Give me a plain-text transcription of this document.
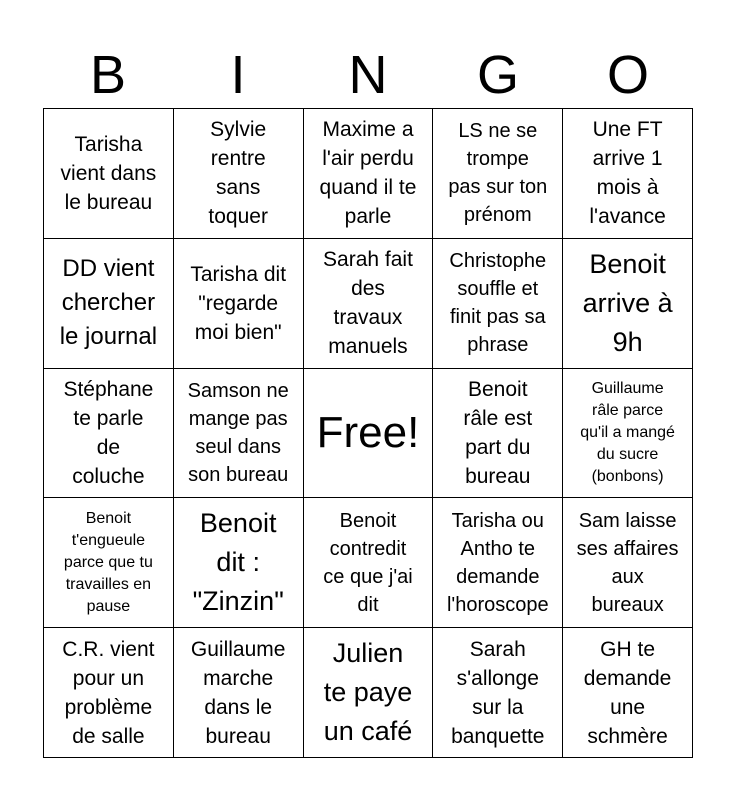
B	I	N	G	O
Tarisha
vient dans
le bureau
Sylvie
rentre
sans
toquer
Maxime a
l'air perdu
quand il te
parle
LS ne se
trompe
pas sur ton
prénom
Une FT
arrive 1
mois à
l'avance
DD vient
chercher
le journal
Tarisha dit
"regarde
moi bien"
Sarah fait
des
travaux
manuels
Christophe
souffle et
finit pas sa
phrase
Benoit
arrive à
9h
Stéphane
te parle
de
coluche
Samson ne
mange pas
seul dans
son bureau
Free!
Benoit
râle est
part du
bureau
Guillaume
râle parce
qu'il a mangé
du sucre
(bonbons)
Benoit
t'engueule
parce que tu
travailles en
pause
Benoit
dit :
"Zinzin"
Benoit
contredit
ce que j'ai
dit
Tarisha ou
Antho te
demande
l'horoscope
Sam laisse
ses affaires
aux
bureaux
C.R. vient
pour un
problème
de salle
Guillaume
marche
dans le
bureau
Julien
te paye
un café
Sarah
s'allonge
sur la
banquette
GH te
demande
une
schmère
